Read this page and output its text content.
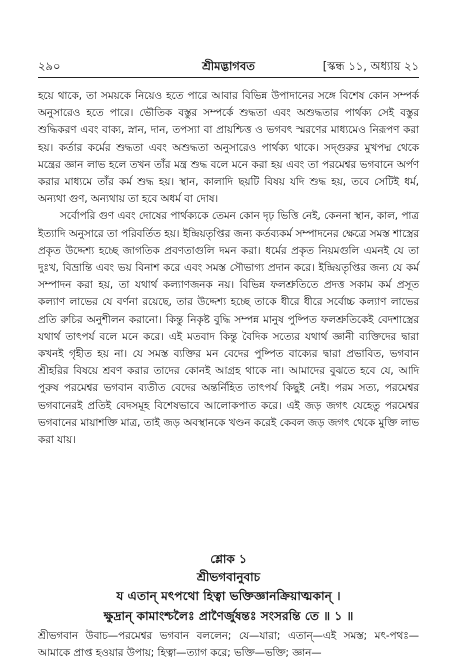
২৯০	শ্রীমদ্ভাগবত	[স্কন্ধ ১১, অধ্যায় ২১

হয়ে থাকে, তা সময়কে নিয়েও হতে পারে আবার বিভিন্ন উপাদানের সঙ্গে বিশেষ কোন সম্পর্ক অনুসারেও হতে পারে। ভৌতিক বস্তুর সম্পর্কে শুদ্ধতা এবং অশুদ্ধতার পার্থক্য সেই বস্তুর শুদ্ধিকরণ এবং বাক্য, স্নান, দান, তপস্যা বা প্রায়শ্চিত্ত ও ভগবৎ স্মরণের মাধ্যমেও নিরূপণ করা হয়। কর্তার কর্মের শুদ্ধতা এবং অশুদ্ধতা অনুসারেও পার্থক্য থাকে। সদ্‌গুরুর মুখপদ্ম থেকে মন্ত্রের জ্ঞান লাভ হলে তখন তাঁর মন্ত্র শুদ্ধ বলে মনে করা হয় এবং তা পরমেশ্বর ভগবানে অর্পণ করার মাধ্যমে তাঁর কর্ম শুদ্ধ হয়। স্থান, কালাদি ছয়টি বিষয় যদি শুদ্ধ হয়, তবে সেটিই ধর্ম, অন্যথা গুণ, অন্যথায় তা হবে অধর্ম বা দোষ।

সর্বোপরি গুণ এবং দোষের পার্থক্যকে তেমন কোন দৃঢ় ভিত্তি নেই, কেননা স্থান, কাল, পাত্র ইত্যাদি অনুসারে তা পরিবর্তিত হয়। ইন্দ্রিয়তৃপ্তির জন্য কর্তব্যকর্ম সম্পাদনের ক্ষেত্রে সমস্ত শাস্ত্রের প্রকৃত উদ্দেশ্য হচ্ছে জাগতিক প্রবণতাগুলি দমন করা। ধর্মের প্রকৃত নিয়মগুলি এমনই যে তা দুঃখ, বিভ্রান্তি এবং ভয় বিনাশ করে এবং সমস্ত সৌভাগ্য প্রদান করে। ইন্দ্রিয়তৃপ্তির জন্য যে কর্ম সম্পাদন করা হয়, তা যথার্থ কল্যাণজনক নয়। বিভিন্ন ফলশ্রুতিতে প্রদত্ত সকাম কর্ম প্রসূত কল্যাণ লাভের যে বর্ণনা রয়েছে, তার উদ্দেশ্য হচ্ছে তাকে ধীরে ধীরে সর্বোচ্চ কল্যাণ লাভের প্রতি রুচির অনুশীলন করানো। কিন্তু নিকৃষ্ট বুদ্ধি সম্পন্ন মানুষ পুষ্পিত ফলশ্রুতিকেই বেদশাস্ত্রের যথার্থ তাৎপর্য বলে মনে করে। এই মতবাদ কিন্তু বৈদিক সত্যের যথার্থ জ্ঞানী ব্যক্তিদের দ্বারা কখনই গৃহীত হয় না। যে সমস্ত ব্যক্তির মন বেদের পুষ্পিত বাক্যের দ্বারা প্রভাবিত, ভগবান শ্রীহরির বিষয়ে শ্রবণ করার তাদের কোনই আগ্রহ থাকে না। আমাদের বুঝতে হবে যে, আদি পুরুষ পরমেশ্বর ভগবান ব্যতীত বেদের অন্তর্নিহিত তাৎপর্য কিছুই নেই। পরম সত্য, পরমেশ্বর ভগবানেরই প্রতিই বেদসমূহ বিশেষভাবে আলোকপাত করে। এই জড় জগৎ যেহেতু পরমেশ্বর ভগবানের মায়াশক্তি মাত্র, তাই জড় অবস্থানকে খণ্ডন করেই কেবল জড় জগৎ থেকে মুক্তি লাভ করা যায়।

শ্লোক ১
শ্রীভগবানুবাচ
য এতান্ মৎপথো হিত্বা ভক্তিজ্ঞানক্রিয়াত্মকান্ ।
ক্ষুদ্রান্ কামাংশ্চলৈঃ প্রাণৈর্জুষন্তঃ সংসরন্তি তে ॥ ১ ॥
শ্রীভগবান উবাচ—পরমেশ্বর ভগবান বললেন; যে—যারা; এতান্—এই সমস্ত; মৎ-পথঃ—আমাকে প্রাপ্ত হওয়ার উপায়; হিত্বা—ত্যাগ করে; ভক্তি—ভক্তি; জ্ঞান—
